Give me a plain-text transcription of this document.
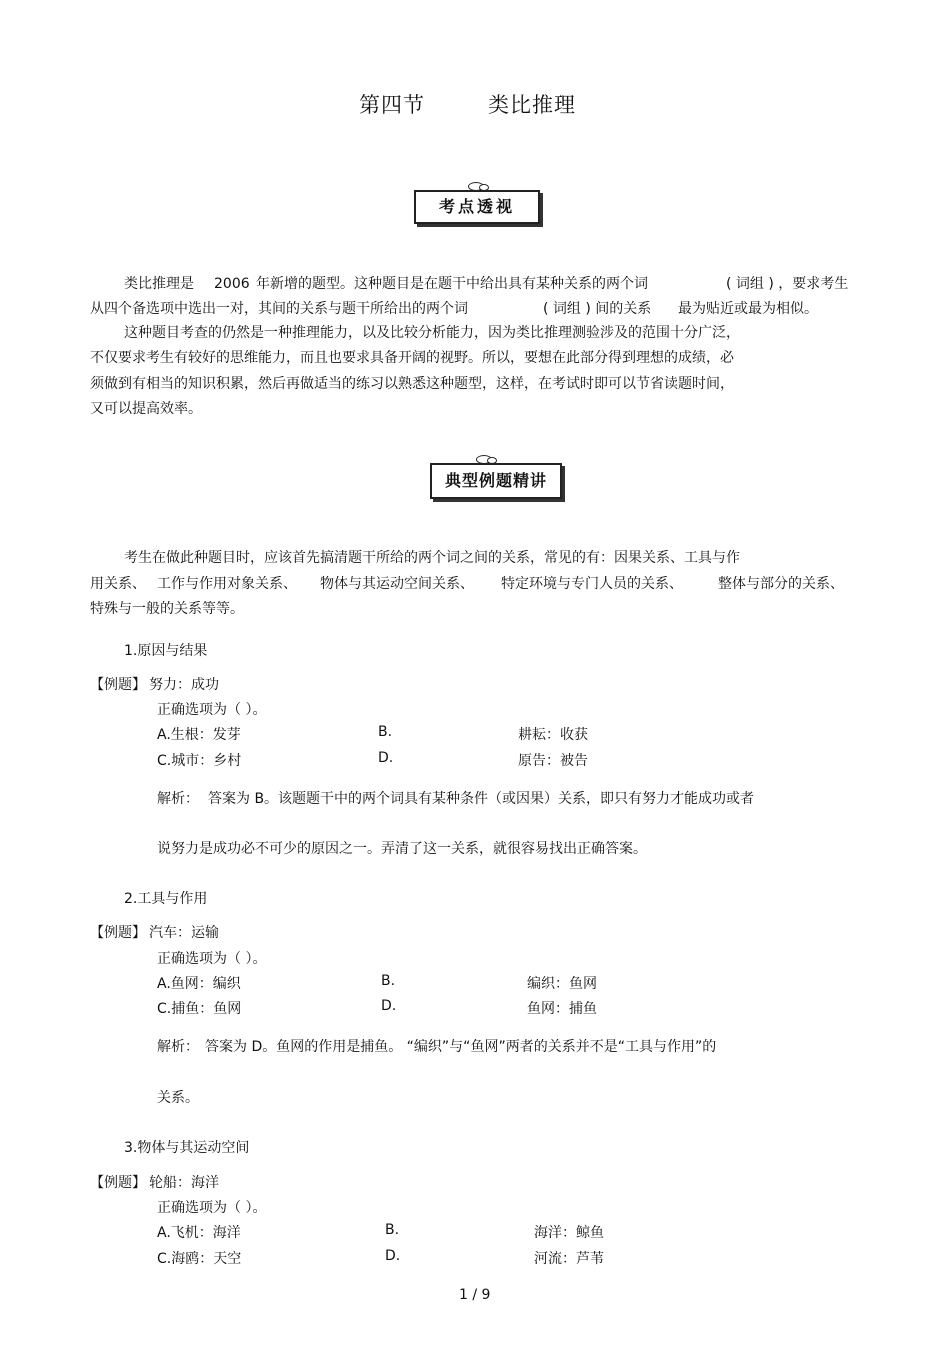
第四节	类比推理
考点透视
类比推理是 2006 年新增的题型。这种题目是在题干中给出具有某种关系的两个词	( 词组 ) ，要求考生
从四个备选项中选出一对，其间的关系与题干所给出的两个词	( 词组 ) 间的关系 最为贴近或最为相似。
这种题目考查的仍然是一种推理能力，以及比较分析能力，因为类比推理测验涉及的范围十分广泛，
不仅要求考生有较好的思维能力，而且也要求具备开阔的视野。所以，要想在此部分得到理想的成绩，必
须做到有相当的知识积累，然后再做适当的练习以熟悉这种题型，这样，在考试时即可以节省读题时间，
又可以提高效率。
典型例题精讲
考生在做此种题目时，应该首先搞清题干所给的两个词之间的关系，常见的有：因果关系、工具与作
用关系、 工作与作用对象关系、 物体与其运动空间关系、 特定环境与专门人员的关系、	整体与部分的关系、
特殊与一般的关系等等。
1.原因与结果
【例题】 努力：成功
正确选项为（ ）。
A.生根：发芽	B.	耕耘：收获
C.城市：乡村	D.	原告：被告
解析： 答案为 B。该题题干中的两个词具有某种条件（或因果）关系，即只有努力才能成功或者
说努力是成功必不可少的原因之一。弄清了这一关系，就很容易找出正确答案。
2.工具与作用
【例题】 汽车：运输
正确选项为（ ）。
A.鱼网：编织	B.	编织：鱼网
C.捕鱼：鱼网	D.	鱼网：捕鱼
解析： 答案为 D。鱼网的作用是捕鱼。 “编织”与“鱼网”两者的关系并不是“工具与作用”的
关系。
3.物体与其运动空间
【例题】 轮船：海洋
正确选项为（ ）。
A.飞机：海洋	B.	海洋：鲸鱼
C.海鸥：天空	D.	河流：芦苇
1 / 9
